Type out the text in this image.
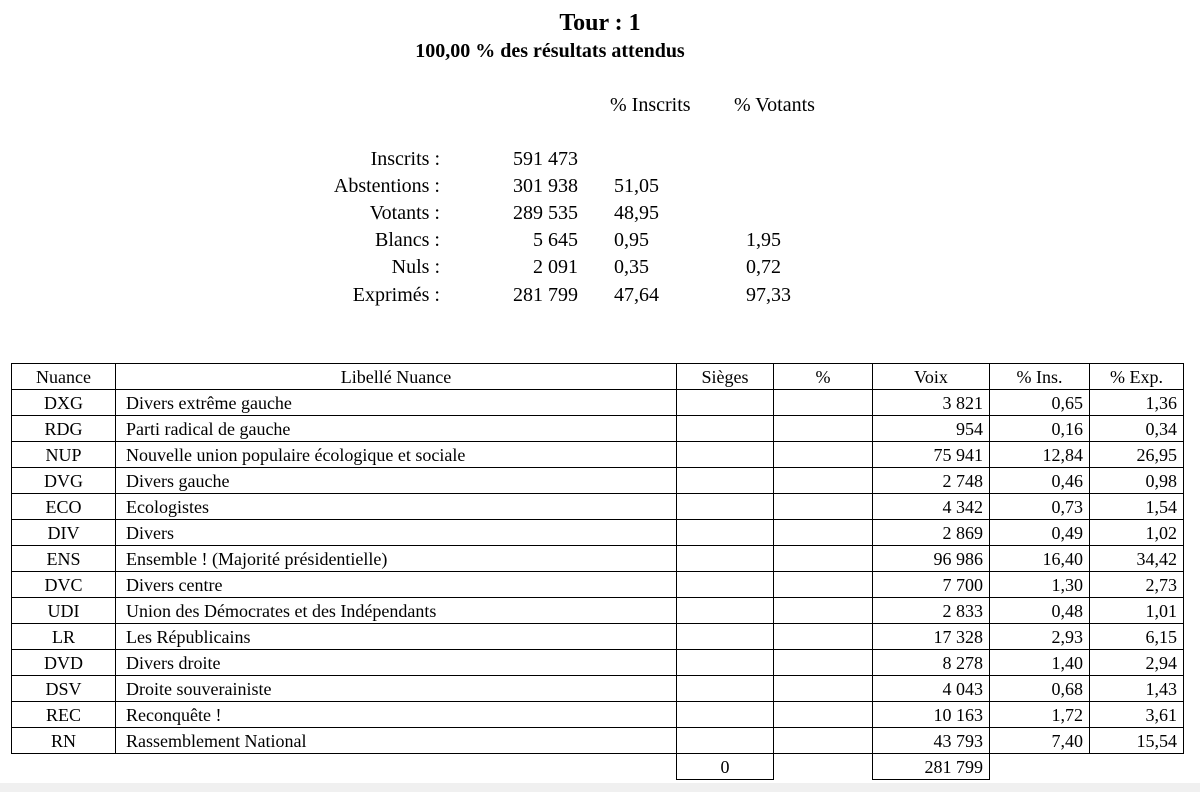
Tour : 1
100,00 % des résultats attendus
% Inscrits % Votants
Inscrits :	591 473
Abstentions :	301 938 51,05
Votants :	289 535 48,95
Blancs :	5 645 0,95	1,95
Nuls :	2 091 0,35	0,72
Exprimés :	281 799 47,64	97,33
Nuance	Libellé Nuance	Sièges	%	Voix	% Ins.	% Exp.
DXG	Divers extrême gauche			3 821	0,65	1,36
RDG	Parti radical de gauche			954	0,16	0,34
NUP	Nouvelle union populaire écologique et sociale			75 941	12,84	26,95
DVG	Divers gauche			2 748	0,46	0,98
ECO	Ecologistes			4 342	0,73	1,54
DIV	Divers			2 869	0,49	1,02
ENS	Ensemble ! (Majorité présidentielle)			96 986	16,40	34,42
DVC	Divers centre			7 700	1,30	2,73
UDI	Union des Démocrates et des Indépendants			2 833	0,48	1,01
LR	Les Républicains			17 328	2,93	6,15
DVD	Divers droite			8 278	1,40	2,94
DSV	Droite souverainiste			4 043	0,68	1,43
REC	Reconquête !			10 163	1,72	3,61
RN	Rassemblement National			43 793	7,40	15,54
		0		281 799		
